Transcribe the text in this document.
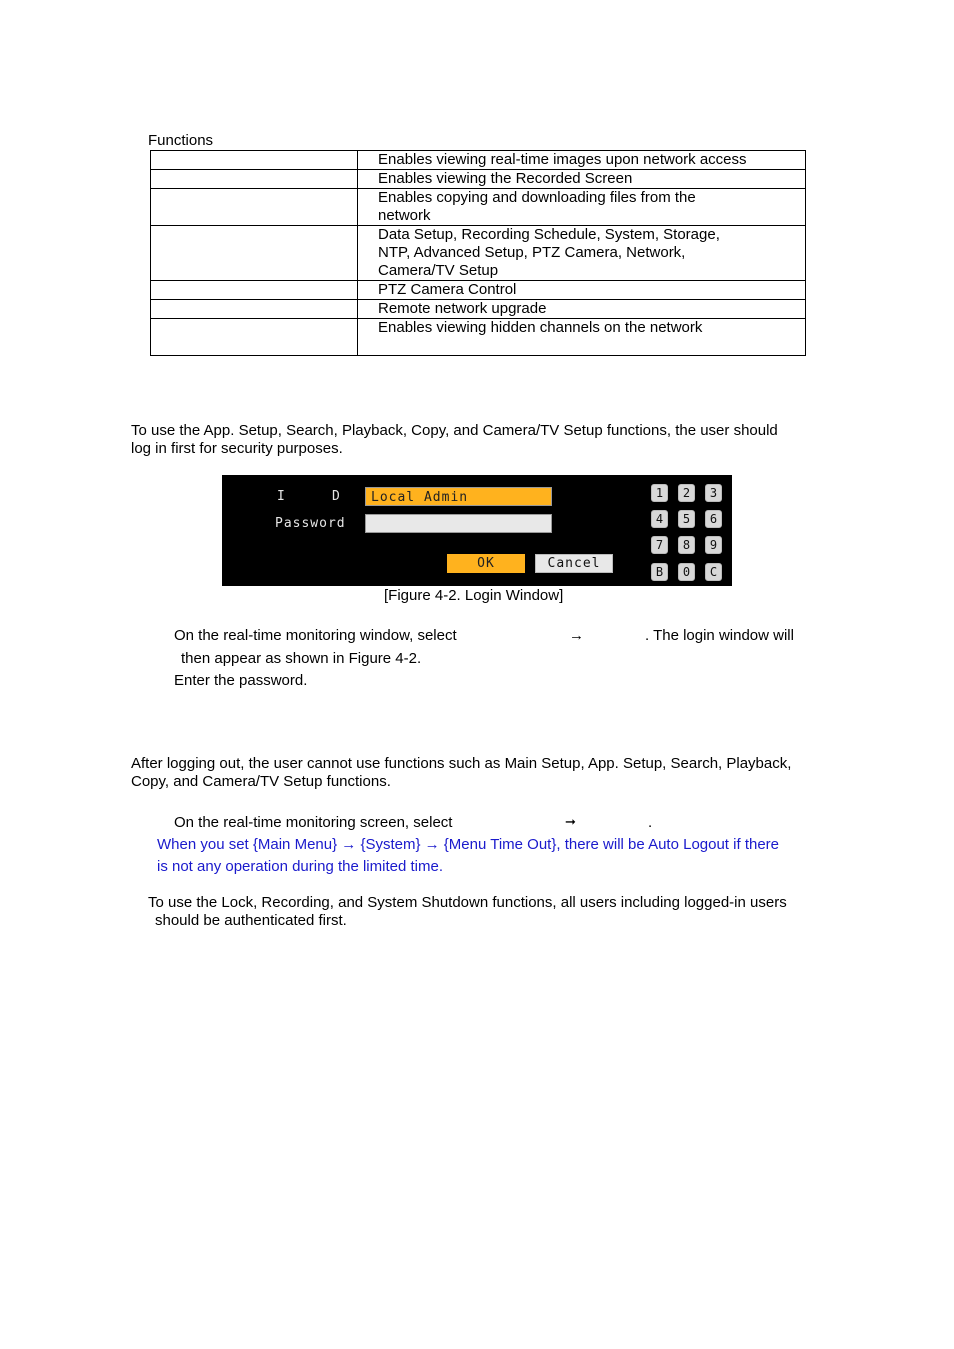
Functions

	Enables viewing real-time images upon network access

	Enables viewing the Recorded Screen

	Enables copying and downloading files from the
network

	Data Setup, Recording Schedule, System, Storage,
NTP, Advanced Setup, PTZ Camera, Network,
Camera/TV Setup

	PTZ Camera Control

	Remote network upgrade

	Enables viewing hidden channels on the network
To use the App. Setup, Search, Playback, Copy, and Camera/TV Setup functions, the user should
log in first for security purposes.
I	D
Password
Local Admin
OK	Cancel
1	2	3
4	5	6
7	8	9
B	0	C
[Figure 4-2. Login Window]
On the real-time monitoring window, select	→	. The login window will
then appear as shown in Figure 4-2.
Enter the password.
After logging out, the user cannot use functions such as Main Setup, App. Setup, Search, Playback,
Copy, and Camera/TV Setup functions.
On the real-time monitoring screen, select	➞	.
When you set {Main Menu} → {System} → {Menu Time Out}, there will be Auto Logout if there
is not any operation during the limited time.
To use the Lock, Recording, and System Shutdown functions, all users including logged-in users
should be authenticated first.
